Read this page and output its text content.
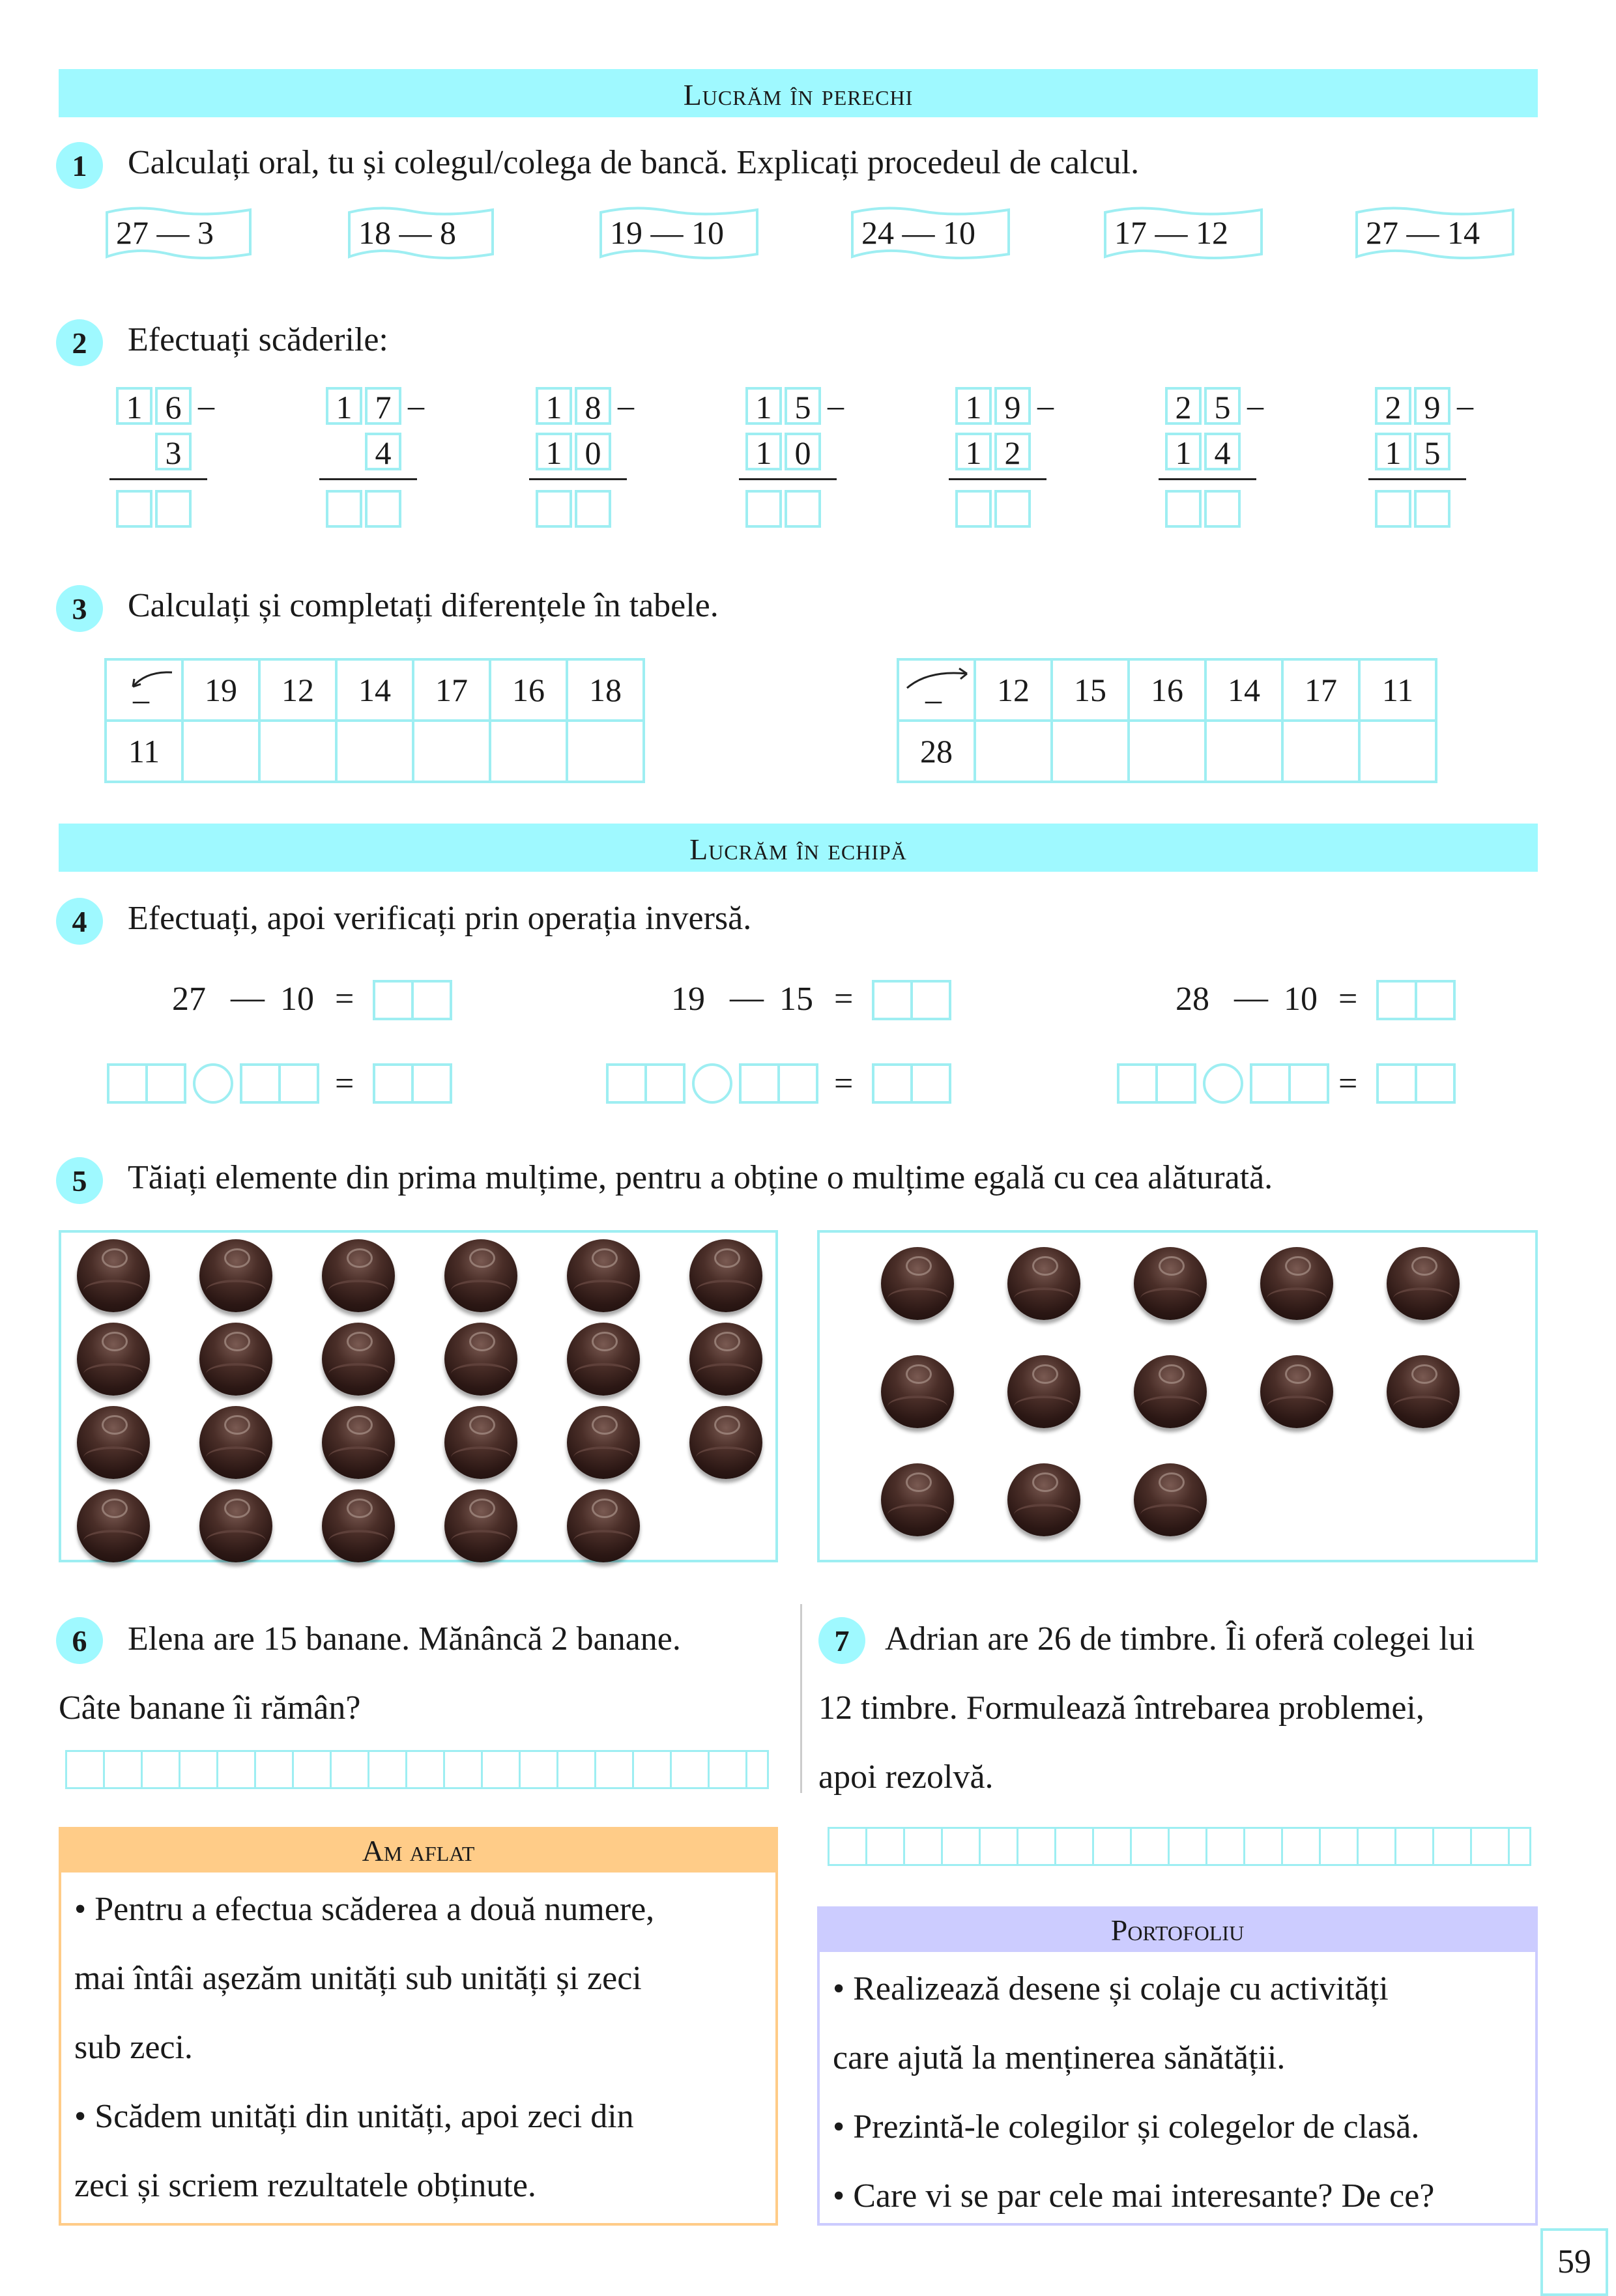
Lucrăm în perechi
1	Calculați oral, tu și colegul/colega de bancă. Explicați procedeul de calcul.
2	Efectuați scăderile:
3	Calculați și completați diferențele în tabele.
–	19	12	14	17	16	18
11						
–	12	15	16	14	17	11
28						
Lucrăm în echipă
4	Efectuați, apoi verificați prin operația inversă.
5	Tăiați elemente din prima mulțime, pentru a obține o mulțime egală cu cea alăturată.
6	Elena are 15 banane. Mănâncă 2 banane.
Câte banane îi rămân?
7	Adrian are 26 de timbre. Îi oferă colegei lui
12 timbre. Formulează întrebarea problemei,
apoi rezolvă.
Am aflat
• Pentru a efectua scăderea a două numere,
mai întâi așezăm unități sub unități și zeci
sub zeci.
• Scădem unități din unități, apoi zeci din
zeci și scriem rezultatele obținute.
Portofoliu
• Realizează desene și colaje cu activități
care ajută la menținerea sănătății.
• Prezintă-le colegilor și colegelor de clasă.
• Care vi se par cele mai interesante? De ce?
59
27 — 3	18 — 8	19 — 10	24 — 10	17 — 12	27 — 14
1 6
3
–	1 7
4
–	1
1
8
0
–	1
1
5
0
–	1
1
9
2
–	2
1
5
4
–	2
1
9
5
–
27 — 10 =
=
19 — 15 =
=
28 — 10 =
=
